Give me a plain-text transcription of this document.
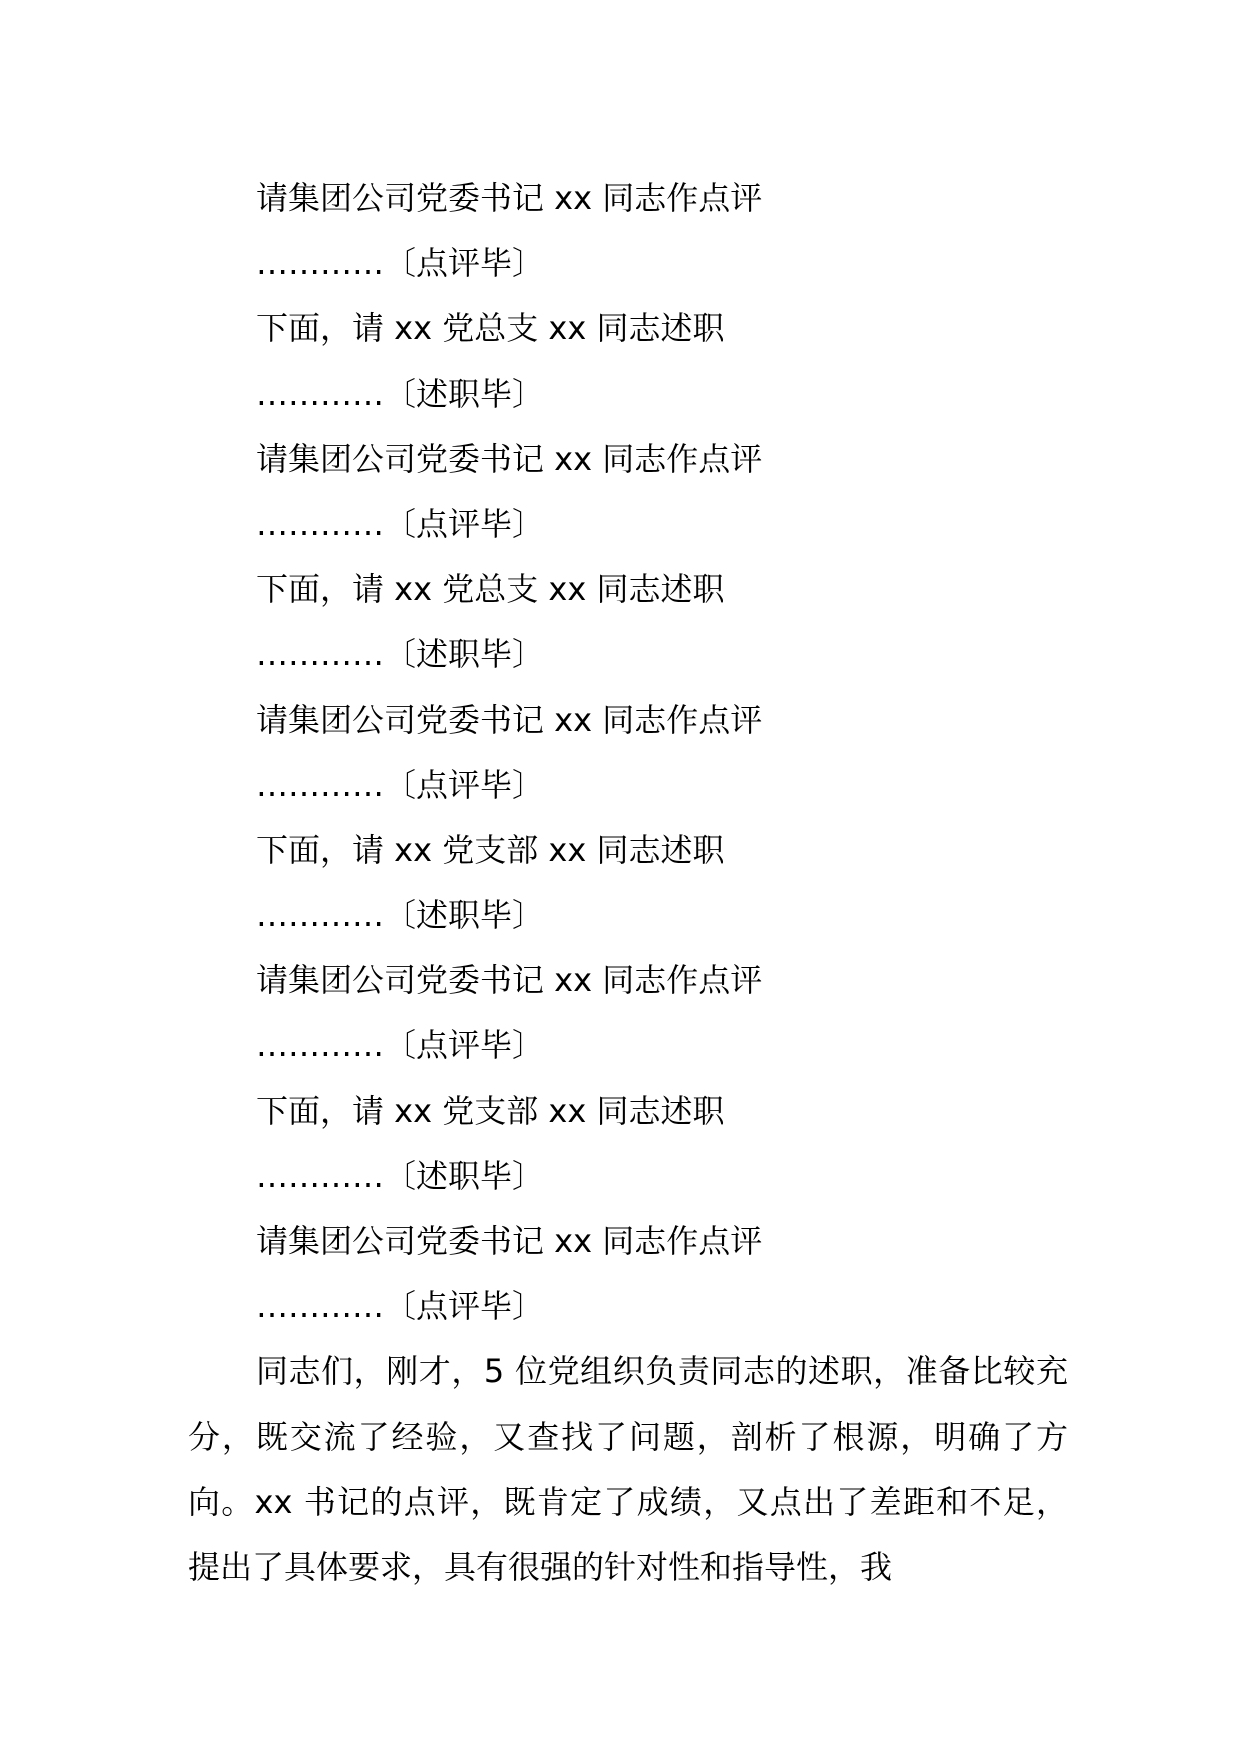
请集团公司党委书记 xx 同志作点评
…………〔点评毕〕
下面，请 xx 党总支 xx 同志述职
…………〔述职毕〕
请集团公司党委书记 xx 同志作点评
…………〔点评毕〕
下面，请 xx 党总支 xx 同志述职
…………〔述职毕〕
请集团公司党委书记 xx 同志作点评
…………〔点评毕〕
下面，请 xx 党支部 xx 同志述职
…………〔述职毕〕
请集团公司党委书记 xx 同志作点评
…………〔点评毕〕
下面，请 xx 党支部 xx 同志述职
…………〔述职毕〕
请集团公司党委书记 xx 同志作点评
…………〔点评毕〕

同志们，刚才，5 位党组织负责同志的述职，准备比较充分，既交流了经验，又查找了问题，剖析了根源，明确了方向。xx 书记的点评，既肯定了成绩，又点出了差距和不足，提出了具体要求，具有很强的针对性和指导性，我
